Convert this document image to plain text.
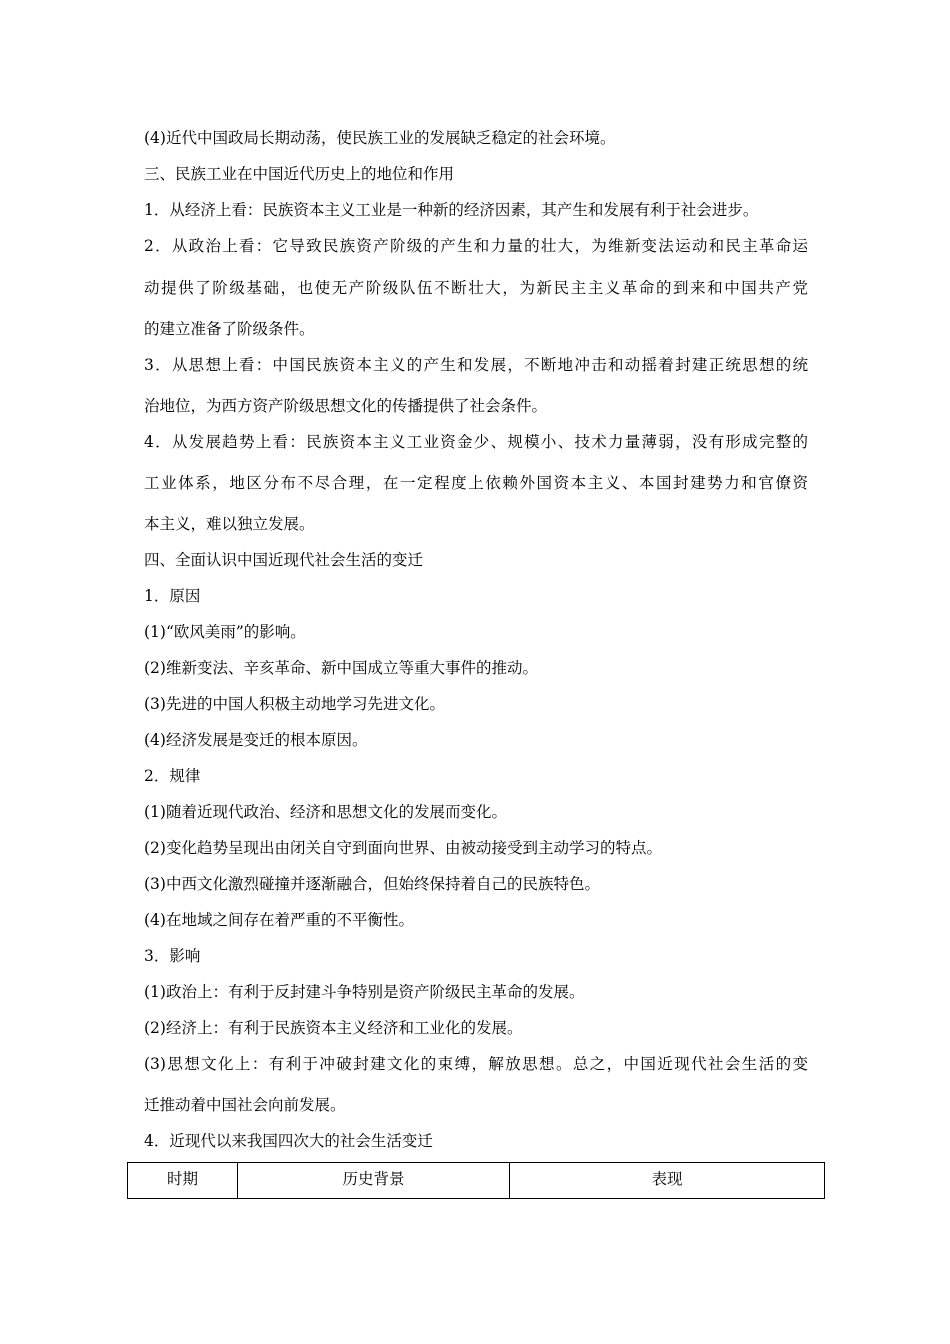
(4)近代中国政局长期动荡，使民族工业的发展缺乏稳定的社会环境。
三、民族工业在中国近代历史上的地位和作用
1．从经济上看：民族资本主义工业是一种新的经济因素，其产生和发展有利于社会进步。
2．从政治上看：它导致民族资产阶级的产生和力量的壮大，为维新变法运动和民主革命运
动提供了阶级基础，也使无产阶级队伍不断壮大，为新民主主义革命的到来和中国共产党
的建立准备了阶级条件。
3．从思想上看：中国民族资本主义的产生和发展，不断地冲击和动摇着封建正统思想的统
治地位，为西方资产阶级思想文化的传播提供了社会条件。
4．从发展趋势上看：民族资本主义工业资金少、规模小、技术力量薄弱，没有形成完整的
工业体系，地区分布不尽合理，在一定程度上依赖外国资本主义、本国封建势力和官僚资
本主义，难以独立发展。
四、全面认识中国近现代社会生活的变迁
1．原因
(1)“欧风美雨”的影响。
(2)维新变法、辛亥革命、新中国成立等重大事件的推动。
(3)先进的中国人积极主动地学习先进文化。
(4)经济发展是变迁的根本原因。
2．规律
(1)随着近现代政治、经济和思想文化的发展而变化。
(2)变化趋势呈现出由闭关自守到面向世界、由被动接受到主动学习的特点。
(3)中西文化激烈碰撞并逐渐融合，但始终保持着自己的民族特色。
(4)在地域之间存在着严重的不平衡性。
3．影响
(1)政治上：有利于反封建斗争特别是资产阶级民主革命的发展。
(2)经济上：有利于民族资本主义经济和工业化的发展。
(3)思想文化上：有利于冲破封建文化的束缚，解放思想。总之，中国近现代社会生活的变
迁推动着中国社会向前发展。
4．近现代以来我国四次大的社会生活变迁
时期	历史背景	表现
